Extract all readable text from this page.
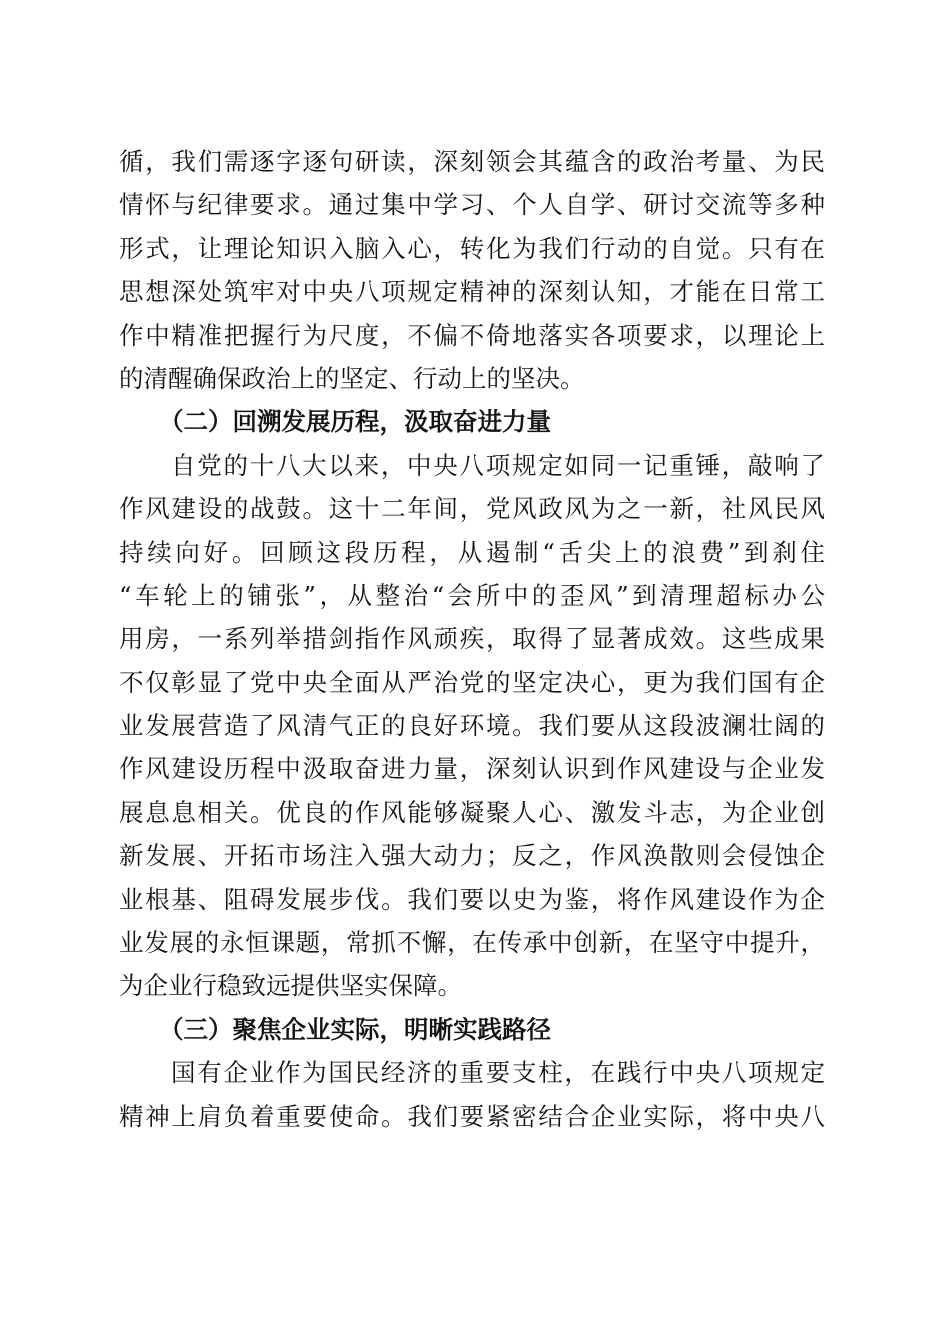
循，我们需逐字逐句研读，深刻领会其蕴含的政治考量、为民
情怀与纪律要求。通过集中学习、个人自学、研讨交流等多种
形式，让理论知识入脑入心，转化为我们行动的自觉。只有在
思想深处筑牢对中央八项规定精神的深刻认知，才能在日常工
作中精准把握行为尺度，不偏不倚地落实各项要求，以理论上
的清醒确保政治上的坚定、行动上的坚决。
（二）回溯发展历程，汲取奋进力量
自党的十八大以来，中央八项规定如同一记重锤，敲响了
作风建设的战鼓。这十二年间，党风政风为之一新，社风民风
持续向好。回顾这段历程，从遏制“舌尖上的浪费”到刹住
“车轮上的铺张”，从整治“会所中的歪风”到清理超标办公
用房，一系列举措剑指作风顽疾，取得了显著成效。这些成果
不仅彰显了党中央全面从严治党的坚定决心，更为我们国有企
业发展营造了风清气正的良好环境。我们要从这段波澜壮阔的
作风建设历程中汲取奋进力量，深刻认识到作风建设与企业发
展息息相关。优良的作风能够凝聚人心、激发斗志，为企业创
新发展、开拓市场注入强大动力；反之，作风涣散则会侵蚀企
业根基、阻碍发展步伐。我们要以史为鉴，将作风建设作为企
业发展的永恒课题，常抓不懈，在传承中创新，在坚守中提升，
为企业行稳致远提供坚实保障。
（三）聚焦企业实际，明晰实践路径
国有企业作为国民经济的重要支柱，在践行中央八项规定
精神上肩负着重要使命。我们要紧密结合企业实际，将中央八
